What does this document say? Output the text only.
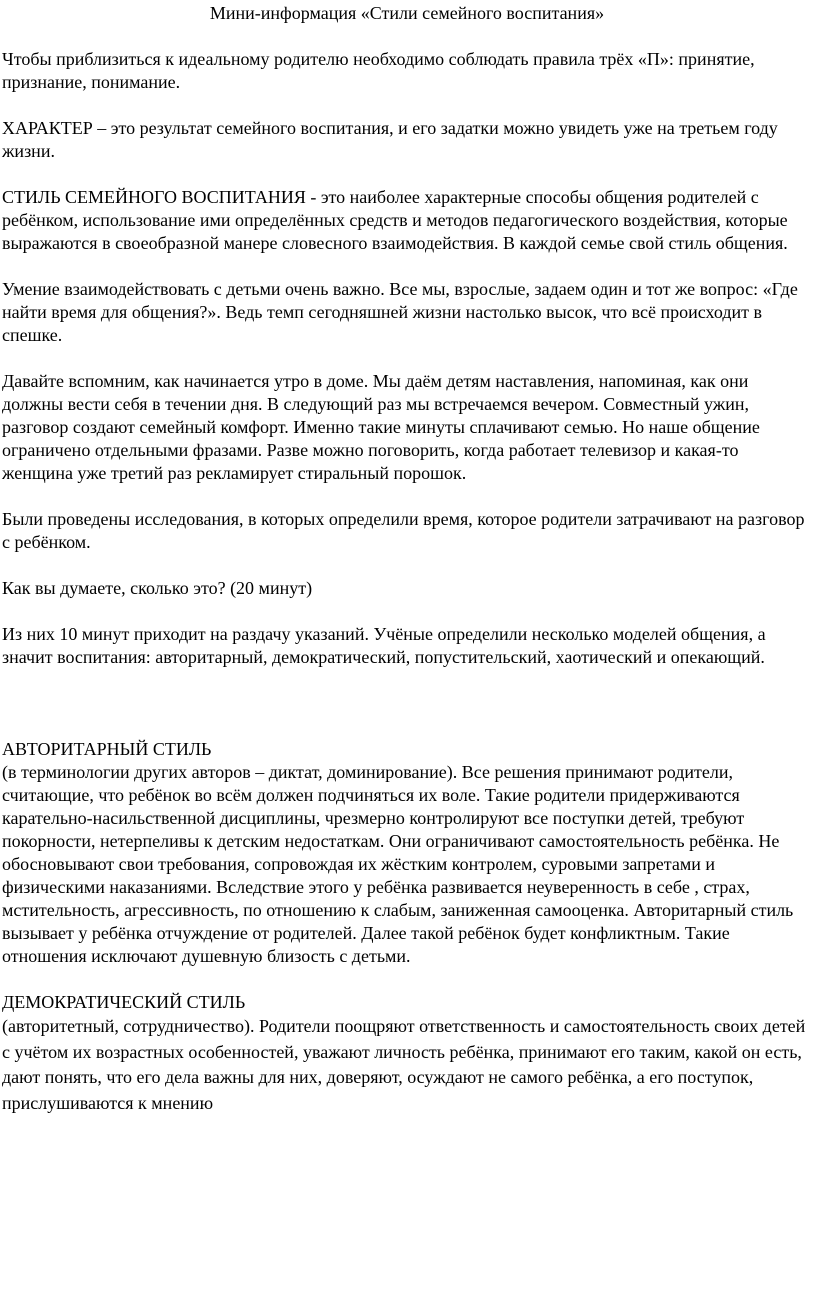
Мини-информация «Стили семейного воспитания»

Чтобы приблизиться к идеальному родителю необходимо соблюдать правила трёх «П»: принятие, признание, понимание.

ХАРАКТЕР – это результат семейного воспитания, и его задатки можно увидеть уже на третьем году жизни.

СТИЛЬ СЕМЕЙНОГО ВОСПИТАНИЯ - это наиболее характерные способы общения родителей с ребёнком, использование ими определённых средств и методов педагогического воздействия, которые выражаются в своеобразной манере словесного взаимодействия. В каждой семье свой стиль общения.

Умение взаимодействовать с детьми очень важно. Все мы, взрослые, задаем один и тот же вопрос: «Где найти время для общения?». Ведь темп сегодняшней жизни настолько высок, что всё происходит в спешке.

Давайте вспомним, как начинается утро в доме. Мы даём детям наставления, напоминая, как они должны вести себя в течении дня. В следующий раз мы встречаемся вечером. Совместный ужин, разговор создают семейный комфорт. Именно такие минуты сплачивают семью. Но наше общение ограничено отдельными фразами. Разве можно поговорить, когда работает телевизор и какая-то женщина уже третий раз рекламирует стиральный порошок.

Были проведены исследования, в которых определили время, которое родители затрачивают на разговор с ребёнком.

Как вы думаете, сколько это? (20 минут)

Из них 10 минут приходит на раздачу указаний. Учёные определили несколько моделей общения, а значит воспитания: авторитарный, демократический, попустительский, хаотический и опекающий.

АВТОРИТАРНЫЙ СТИЛЬ

(в терминологии других авторов – диктат, доминирование). Все решения принимают родители, считающие, что ребёнок во всём должен подчиняться их воле. Такие родители придерживаются карательно-насильственной дисциплины, чрезмерно контролируют все поступки детей, требуют покорности, нетерпеливы к детским недостаткам. Они ограничивают самостоятельность ребёнка. Не обосновывают свои требования, сопровождая их жёстким контролем, суровыми запретами и физическими наказаниями. Вследствие этого у ребёнка развивается неуверенность в себе , страх, мстительность, агрессивность, по отношению к слабым, заниженная самооценка. Авторитарный стиль вызывает у ребёнка отчуждение от родителей. Далее такой ребёнок будет конфликтным. Такие отношения исключают душевную близость с детьми.

ДЕМОКРАТИЧЕСКИЙ СТИЛЬ

(авторитетный, сотрудничество). Родители поощряют ответственность и самостоятельность своих детей с учётом их возрастных особенностей, уважают личность ребёнка, принимают его таким, какой он есть, дают понять, что его дела важны для них, доверяют, осуждают не самого ребёнка, а его поступок, прислушиваются к мнению
